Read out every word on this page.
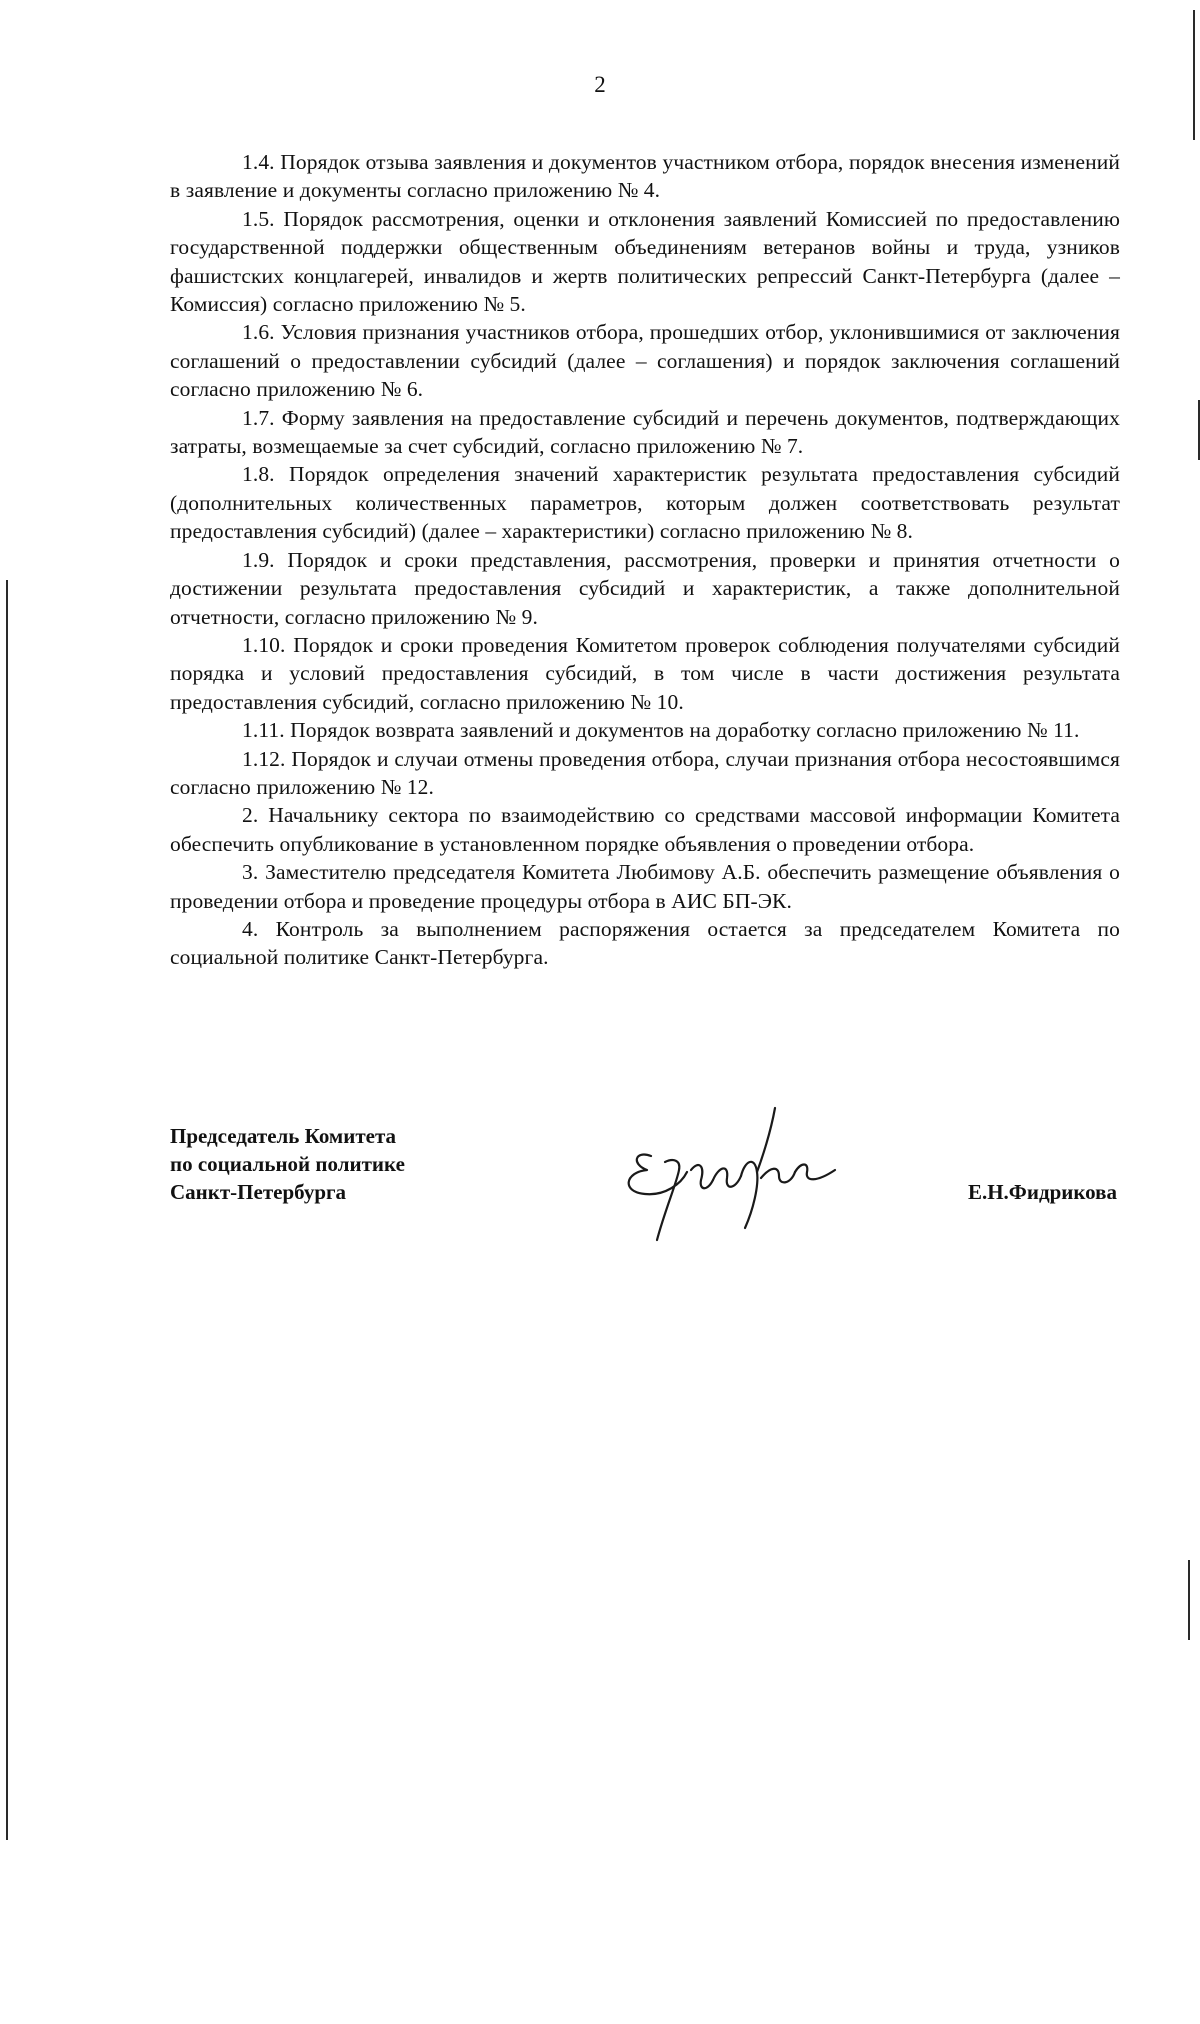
2

1.4. Порядок отзыва заявления и документов участником отбора, порядок внесения изменений в заявление и документы согласно приложению № 4.

1.5. Порядок рассмотрения, оценки и отклонения заявлений Комиссией по предоставлению государственной поддержки общественным объединениям ветеранов войны и труда, узников фашистских концлагерей, инвалидов и жертв политических репрессий Санкт-Петербурга (далее – Комиссия) согласно приложению № 5.

1.6. Условия признания участников отбора, прошедших отбор, уклонившимися от заключения соглашений о предоставлении субсидий (далее – соглашения) и порядок заключения соглашений согласно приложению № 6.

1.7. Форму заявления на предоставление субсидий и перечень документов, подтверждающих затраты, возмещаемые за счет субсидий, согласно приложению № 7.

1.8. Порядок определения значений характеристик результата предоставления субсидий (дополнительных количественных параметров, которым должен соответствовать результат предоставления субсидий) (далее – характеристики) согласно приложению № 8.

1.9. Порядок и сроки представления, рассмотрения, проверки и принятия отчетности о достижении результата предоставления субсидий и характеристик, а также дополнительной отчетности, согласно приложению № 9.

1.10. Порядок и сроки проведения Комитетом проверок соблюдения получателями субсидий порядка и условий предоставления субсидий, в том числе в части достижения результата предоставления субсидий, согласно приложению № 10.

1.11. Порядок возврата заявлений и документов на доработку согласно приложению № 11.

1.12. Порядок и случаи отмены проведения отбора, случаи признания отбора несостоявшимся согласно приложению № 12.

2. Начальнику сектора по взаимодействию со средствами массовой информации Комитета обеспечить опубликование в установленном порядке объявления о проведении отбора.

3. Заместителю председателя Комитета Любимову А.Б. обеспечить размещение объявления о проведении отбора и проведение процедуры отбора в АИС БП-ЭК.

4. Контроль за выполнением распоряжения остается за председателем Комитета по социальной политике Санкт-Петербурга.

Председатель Комитета
по социальной политике
Санкт-Петербурга	Е.Н.Фидрикова
